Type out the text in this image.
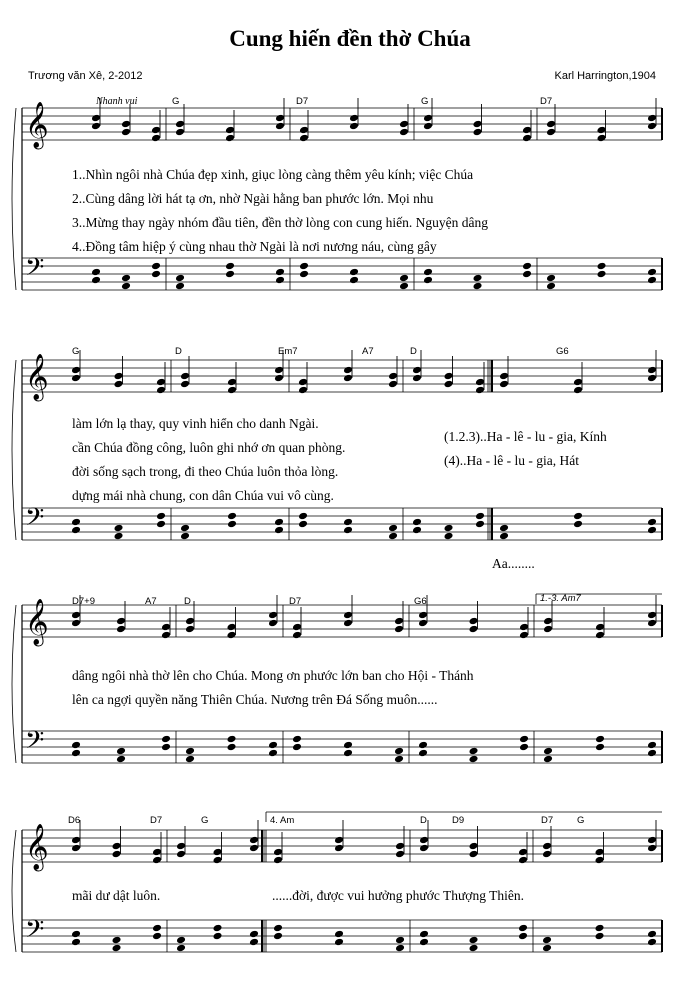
Cung hiến đền thờ Chúa
Trương văn Xê, 2-2012	Karl Harrington,1904
Nhanh vui
𝄞
𝄢
𝄞
𝄢
𝄞
𝄢
𝄞
𝄢
G	D7	G	D7
1..Nhìn ngôi nhà Chúa đẹp xinh, giục lòng càng thêm yêu kính; việc Chúa
2..Cùng dâng lời hát tạ ơn, nhờ Ngài hằng ban phước lớn. Mọi nhu
3..Mừng thay ngày nhóm đầu tiên, đền thờ lòng con cung hiến. Nguyện dâng
4..Đồng tâm hiệp ý cùng nhau thờ Ngài là nơi nương náu, cùng gây
G	D	Em7	A7	D	G6
làm lớn lạ thay, quy vinh hiển cho danh Ngài.
cần Chúa đồng công, luôn ghi nhớ ơn quan phòng.
đời sống sạch trong, đi theo Chúa luôn thỏa lòng.
dựng mái nhà chung, con dân Chúa vui vô cùng.
(1.2.3)..Ha - lê - lu - gia, Kính
(4)..Ha - lê - lu - gia, Hát
Aa........
D7+9	A7	D	D7	G6	1.-3. Am7
dâng ngôi nhà thờ lên cho Chúa. Mong ơn phước lớn ban cho Hội - Thánh
lên ca ngợi quyền năng Thiên Chúa. Nương trên Đá Sống muôn......
D6	D7	G	4. Am	D	D9	D7	G
mãi dư dật luôn.	......đời, được vui hưởng phước Thượng Thiên.
